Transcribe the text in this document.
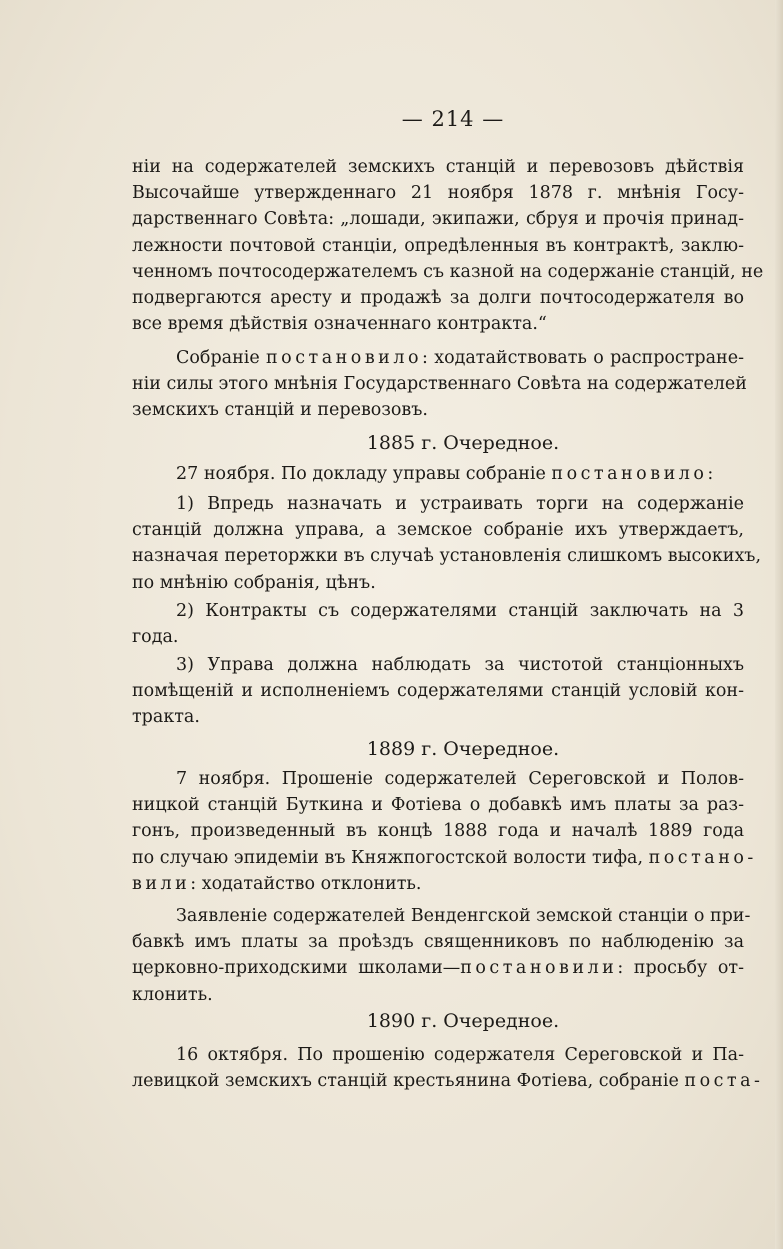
— 214 —
ніи на содержателей земскихъ станцій и перевозовъ дѣйствія
Высочайше утвержденнаго 21 ноября 1878 г. мнѣнія Госу-
дарственнаго Совѣта: „лошади, экипажи, сбруя и прочія принад-
лежности почтовой станціи, опредѣленныя въ контрактѣ, заклю-
ченномъ почтосодержателемъ съ казной на содержаніе станцій, не
подвергаются аресту и продажѣ за долги почтосодержателя во
все время дѣйствія означеннаго контракта.“
Собраніе постановило: ходатайствовать о распростране-
ніи силы этого мнѣнія Государственнаго Совѣта на содержателей
земскихъ станцій и перевозовъ.
1885 г. Очередное.
27 ноября. По докладу управы собраніе постановило:
1) Впредь назначать и устраивать торги на содержаніе
станцій должна управа, а земское собраніе ихъ утверждаетъ,
назначая переторжки въ случаѣ установленія слишкомъ высокихъ,
по мнѣнію собранія, цѣнъ.
2) Контракты съ содержателями станцій заключать на 3
года.
3) Управа должна наблюдать за чистотой станціонныхъ
помѣщеній и исполненіемъ содержателями станцій условій кон-
тракта.
1889 г. Очередное.
7 ноября. Прошеніе содержателей Сереговской и Полов-
ницкой станцій Буткина и Фотіева о добавкѣ имъ платы за раз-
гонъ, произведенный въ концѣ 1888 года и началѣ 1889 года
по случаю эпидеміи въ Княжпогостской волости тифа, постано-
вили: ходатайство отклонить.
Заявленіе содержателей Венденгской земской станціи о при-
бавкѣ имъ платы за проѣздъ священниковъ по наблюденію за
церковно-приходскими школами—постановили: просьбу от-
клонить.
1890 г. Очередное.
16 октября. По прошенію содержателя Сереговской и Па-
левицкой земскихъ станцій крестьянина Фотіева, собраніе поста-
